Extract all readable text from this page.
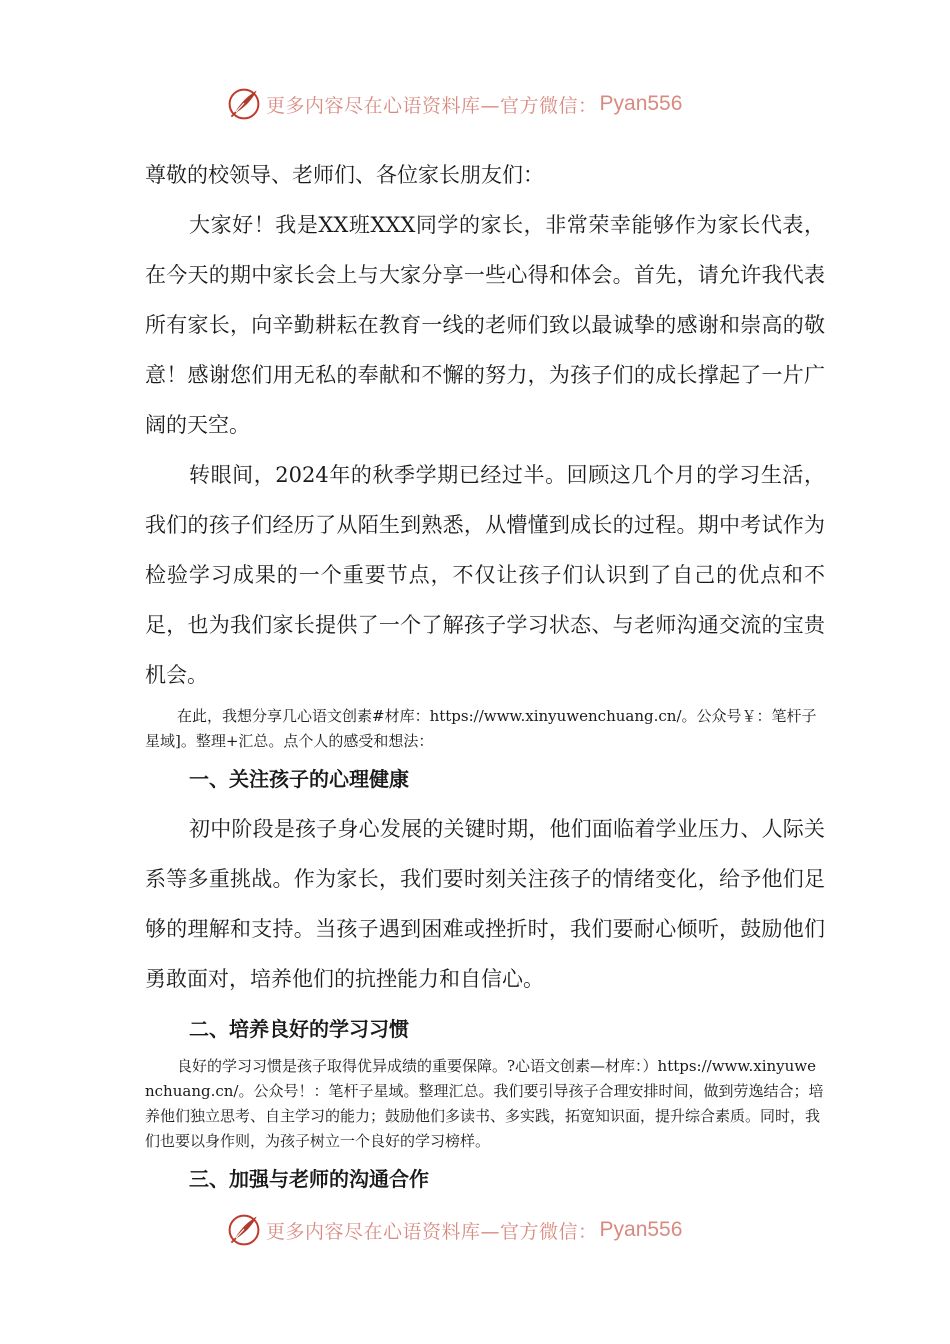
更多内容尽在心语资料库—官方微信： Pyan556

尊敬的校领导、老师们、各位家长朋友们：

大家好！我是XX班XXX同学的家长，非常荣幸能够作为家长代表，在今天的期中家长会上与大家分享一些心得和体会。首先，请允许我代表所有家长，向辛勤耕耘在教育一线的老师们致以最诚挚的感谢和崇高的敬意！感谢您们用无私的奉献和不懈的努力，为孩子们的成长撑起了一片广阔的天空。

转眼间，2024年的秋季学期已经过半。回顾这几个月的学习生活，我们的孩子们经历了从陌生到熟悉，从懵懂到成长的过程。期中考试作为检验学习成果的一个重要节点，不仅让孩子们认识到了自己的优点和不足，也为我们家长提供了一个了解孩子学习状态、与老师沟通交流的宝贵机会。

在此，我想分享几心语文创素#材库：https://www.xinyuwenchuang.cn/。公众号￥：笔杆子星域]。整理+汇总。点个人的感受和想法：

一、关注孩子的心理健康

初中阶段是孩子身心发展的关键时期，他们面临着学业压力、人际关系等多重挑战。作为家长，我们要时刻关注孩子的情绪变化，给予他们足够的理解和支持。当孩子遇到困难或挫折时，我们要耐心倾听，鼓励他们勇敢面对，培养他们的抗挫能力和自信心。

二、培养良好的学习习惯

良好的学习习惯是孩子取得优异成绩的重要保障。?心语文创素—材库：）https://www.xinyuwenchuang.cn/。公众号！：笔杆子星域。整理汇总。我们要引导孩子合理安排时间，做到劳逸结合；培养他们独立思考、自主学习的能力；鼓励他们多读书、多实践，拓宽知识面，提升综合素质。同时，我们也要以身作则，为孩子树立一个良好的学习榜样。

三、加强与老师的沟通合作
更多内容尽在心语资料库—官方微信： Pyan556
